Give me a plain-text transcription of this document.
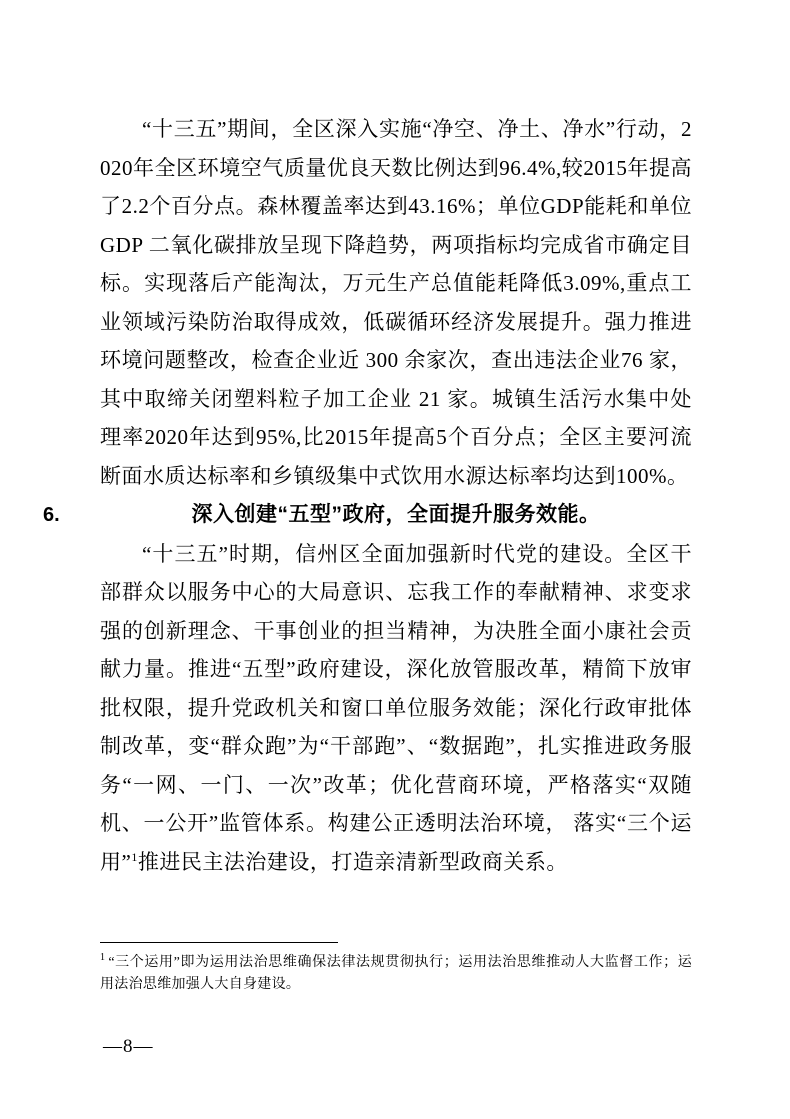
“十三五”期间，全区深入实施“净空、净土、净水”行动，2020年全区环境空气质量优良天数比例达到96.4%,较2015年提高了2.2个百分点。森林覆盖率达到43.16%；单位GDP能耗和单位GDP 二氧化碳排放呈现下降趋势，两项指标均完成省市确定目标。实现落后产能淘汰，万元生产总值能耗降低3.09%,重点工业领域污染防治取得成效，低碳循环经济发展提升。强力推进环境问题整改，检查企业近 300 余家次，查出违法企业76 家，其中取缔关闭塑料粒子加工企业 21 家。城镇生活污水集中处理率2020年达到95%,比2015年提高5个百分点；全区主要河流断面水质达标率和乡镇级集中式饮用水源达标率均达到100%。

6.	深入创建“五型”政府，全面提升服务效能。

“十三五”时期，信州区全面加强新时代党的建设。全区干部群众以服务中心的大局意识、忘我工作的奉献精神、求变求强的创新理念、干事创业的担当精神，为决胜全面小康社会贡献力量。推进“五型”政府建设，深化放管服改革，精简下放审批权限，提升党政机关和窗口单位服务效能；深化行政审批体制改革，变“群众跑”为“干部跑”、“数据跑”，扎实推进政务服务“一网、一门、一次”改革；优化营商环境，严格落实“双随机、一公开”监管体系。构建公正透明法治环境， 落实“三个运用”$^1$推进民主法治建设，打造亲清新型政商关系。

$^1$ “三个运用”即为运用法治思维确保法律法规贯彻执行；运用法治思维推动人大监督工作；运用法治思维加强人大自身建设。

—8—
